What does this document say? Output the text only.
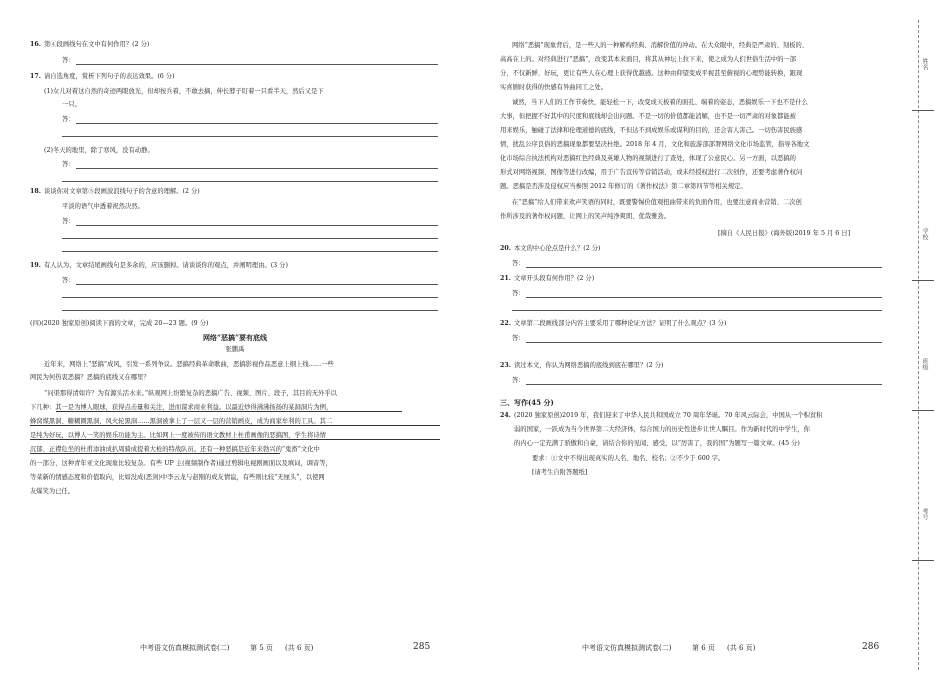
16. 第④段画线句在文中有何作用？(2 分)
答：
17. 请自选角度，赏析下列句子的表达效果。(6 分)
(1)女儿对着这自然的奇迹两眼放光，但却按兵着，不敢去摘，伸长脖子盯着一只看半天，然后又是下
一只。
答：
(2)冬天的地里，除了寒风，没有动静。
答：
18. 谈谈你对文章第⑤段画波浪线句子的含意的理解。(2 分)
平淡的语气中透着祝然决然。
答：
19. 有人认为，文章结尾画线句是多余的，应该删掉。请谈谈你的观点，并阐明理由。(3 分)
答：
(四)(2020 独家原创)阅读下面的文章，完成 20—23 题。(9 分)
网络“恶搞”要有底线
张鹏禹
近年来，网络上“恶搞”成风，引发一系列争议。恶搞经典革命歌曲，恶搞影视作品恶意上纲上线……一些
网民为何热衷恶搞？恶搞的底线又在哪里？
“问渠那得清如许？为有源头活水来。”纵观网上纷繁复杂的恶搞广告、视频、图片、段子，其目的无外乎以
下几种：其一是为博人眼球，获得点击量和关注，进而谋求商业利益。以最近炒得沸沸扬扬的某洞洞片为例，
蜂窝煤黑洞、糖糊圈黑洞、风火轮黑洞……黑洞被拿上了一层又一层的营销画皮，成为商家牟利的工具。其二
是纯为好玩，以博人一笑的娱乐功能为主。比如网上一度被传的语文教材上杜甫画像的恶搞图，学生将诗情
沉郁、正襟危坐的杜甫添油成扒周骑成提着大枪的特战队员。还有一种恶搞是近年来勃兴的“鬼畜”文化中
的一部分，这种青年亚文化现象比较复杂。有些 UP 主(视频制作者)通过剪辑电视剧画面以及填词，调音等，
等菜新的情感态度和价值取向，比如没成(恶剑)中李云龙与赵刚的成友情谊，有些则比较“无厘头”，以使网
友爆笑为已任。
中考语文仿真模拟测试卷(二)	第 5 页 (共 6 页)	285
网络“恶搞”现象背后，是一些人的一种解构经典、消解价值的冲动。在大众眼中，经典是严肃的、刻板的、
高高在上的。对经典进行“恶搞”，改变其本来面目，将其从神坛上拉下来，使之成为人们世俗生活中的一部
分，不仅新鲜、好玩，更让有些人在心理上获得优越感。这种由仰望变成平视甚至俯视的心理势能转换，跟现
实喜剧时获得的快感有异曲同工之处。
诚然，当下人们的工作节奏快，能轻松一下，改变成天板着的面孔、端着的姿态，恶搞娱乐一下也不是什么
大事，但把握不好其中的尺度和底线却会出问题。不是一切的价值都能消解，也不是一切严肃的对象都能被
用来娱乐，触碰了法律和伦理道德的底线，不但达不到成娱乐或谋利的目的，还会害人害己。一切伤害民族感
情，扰乱公序良俗的恶搞现象都要坚决杜绝。2018 年 4 月，文化和旅游部部署网络文化市场监管，指导各地文
化市场综合执法机构对恶搞红色经典及英雄人物的视频进行了查处，体现了公意民心。另一方面，以恶搞的
形式对网络视频、图像等进行改编，用于广告宣传等营销活动，或未经授权进行二次创作，还要考虑著作权问
题。恶搞是否涉及侵权应当参照 2012 年修订的《著作权法》第二章第四节等相关规定。
在“恶搞”给人们带来欢声笑语的同时，既要警惕价值观扭曲带来的负面作用，也要注意商业营销、二次创
作所涉及的著作权问题，让网上的笑声纯净爽朗、优哉雅劲。
[摘自《人民日报》(海外版)2019 年 5 月 6 日]
20. 本文的中心论点是什么？(2 分)
答：
21. 文章开头段有何作用？(2 分)
答：
22. 文章第二段画线部分内容主要采用了哪种论证方法？证明了什么观点？(3 分)
答：
23. 读过本文，你认为网络恶搞的底线到底在哪里？(2 分)
答：
三、写作(45 分)
24. (2020 独家原创)2019 年，我们迎来了中华人民共和国成立 70 周年华诞。70 年风云际会，中国从一个积贫积
弱的国家，一跃成为当今世界第二大经济体，综合国力的历史性进步让世人瞩目。作为新时代的中学生，你
的内心一定充满了骄傲和自豪，请结合你的见闻、感受，以“厉害了，我的国”为题写一篇文章。(45 分)
要求：①文中不得出现真实的人名、地名、校名；②不少于 600 字。
[请考生自附答题纸]
中考语文仿真模拟测试卷(二)	第 6 页 (共 6 页)	286
姓名
学校
班级
考号
